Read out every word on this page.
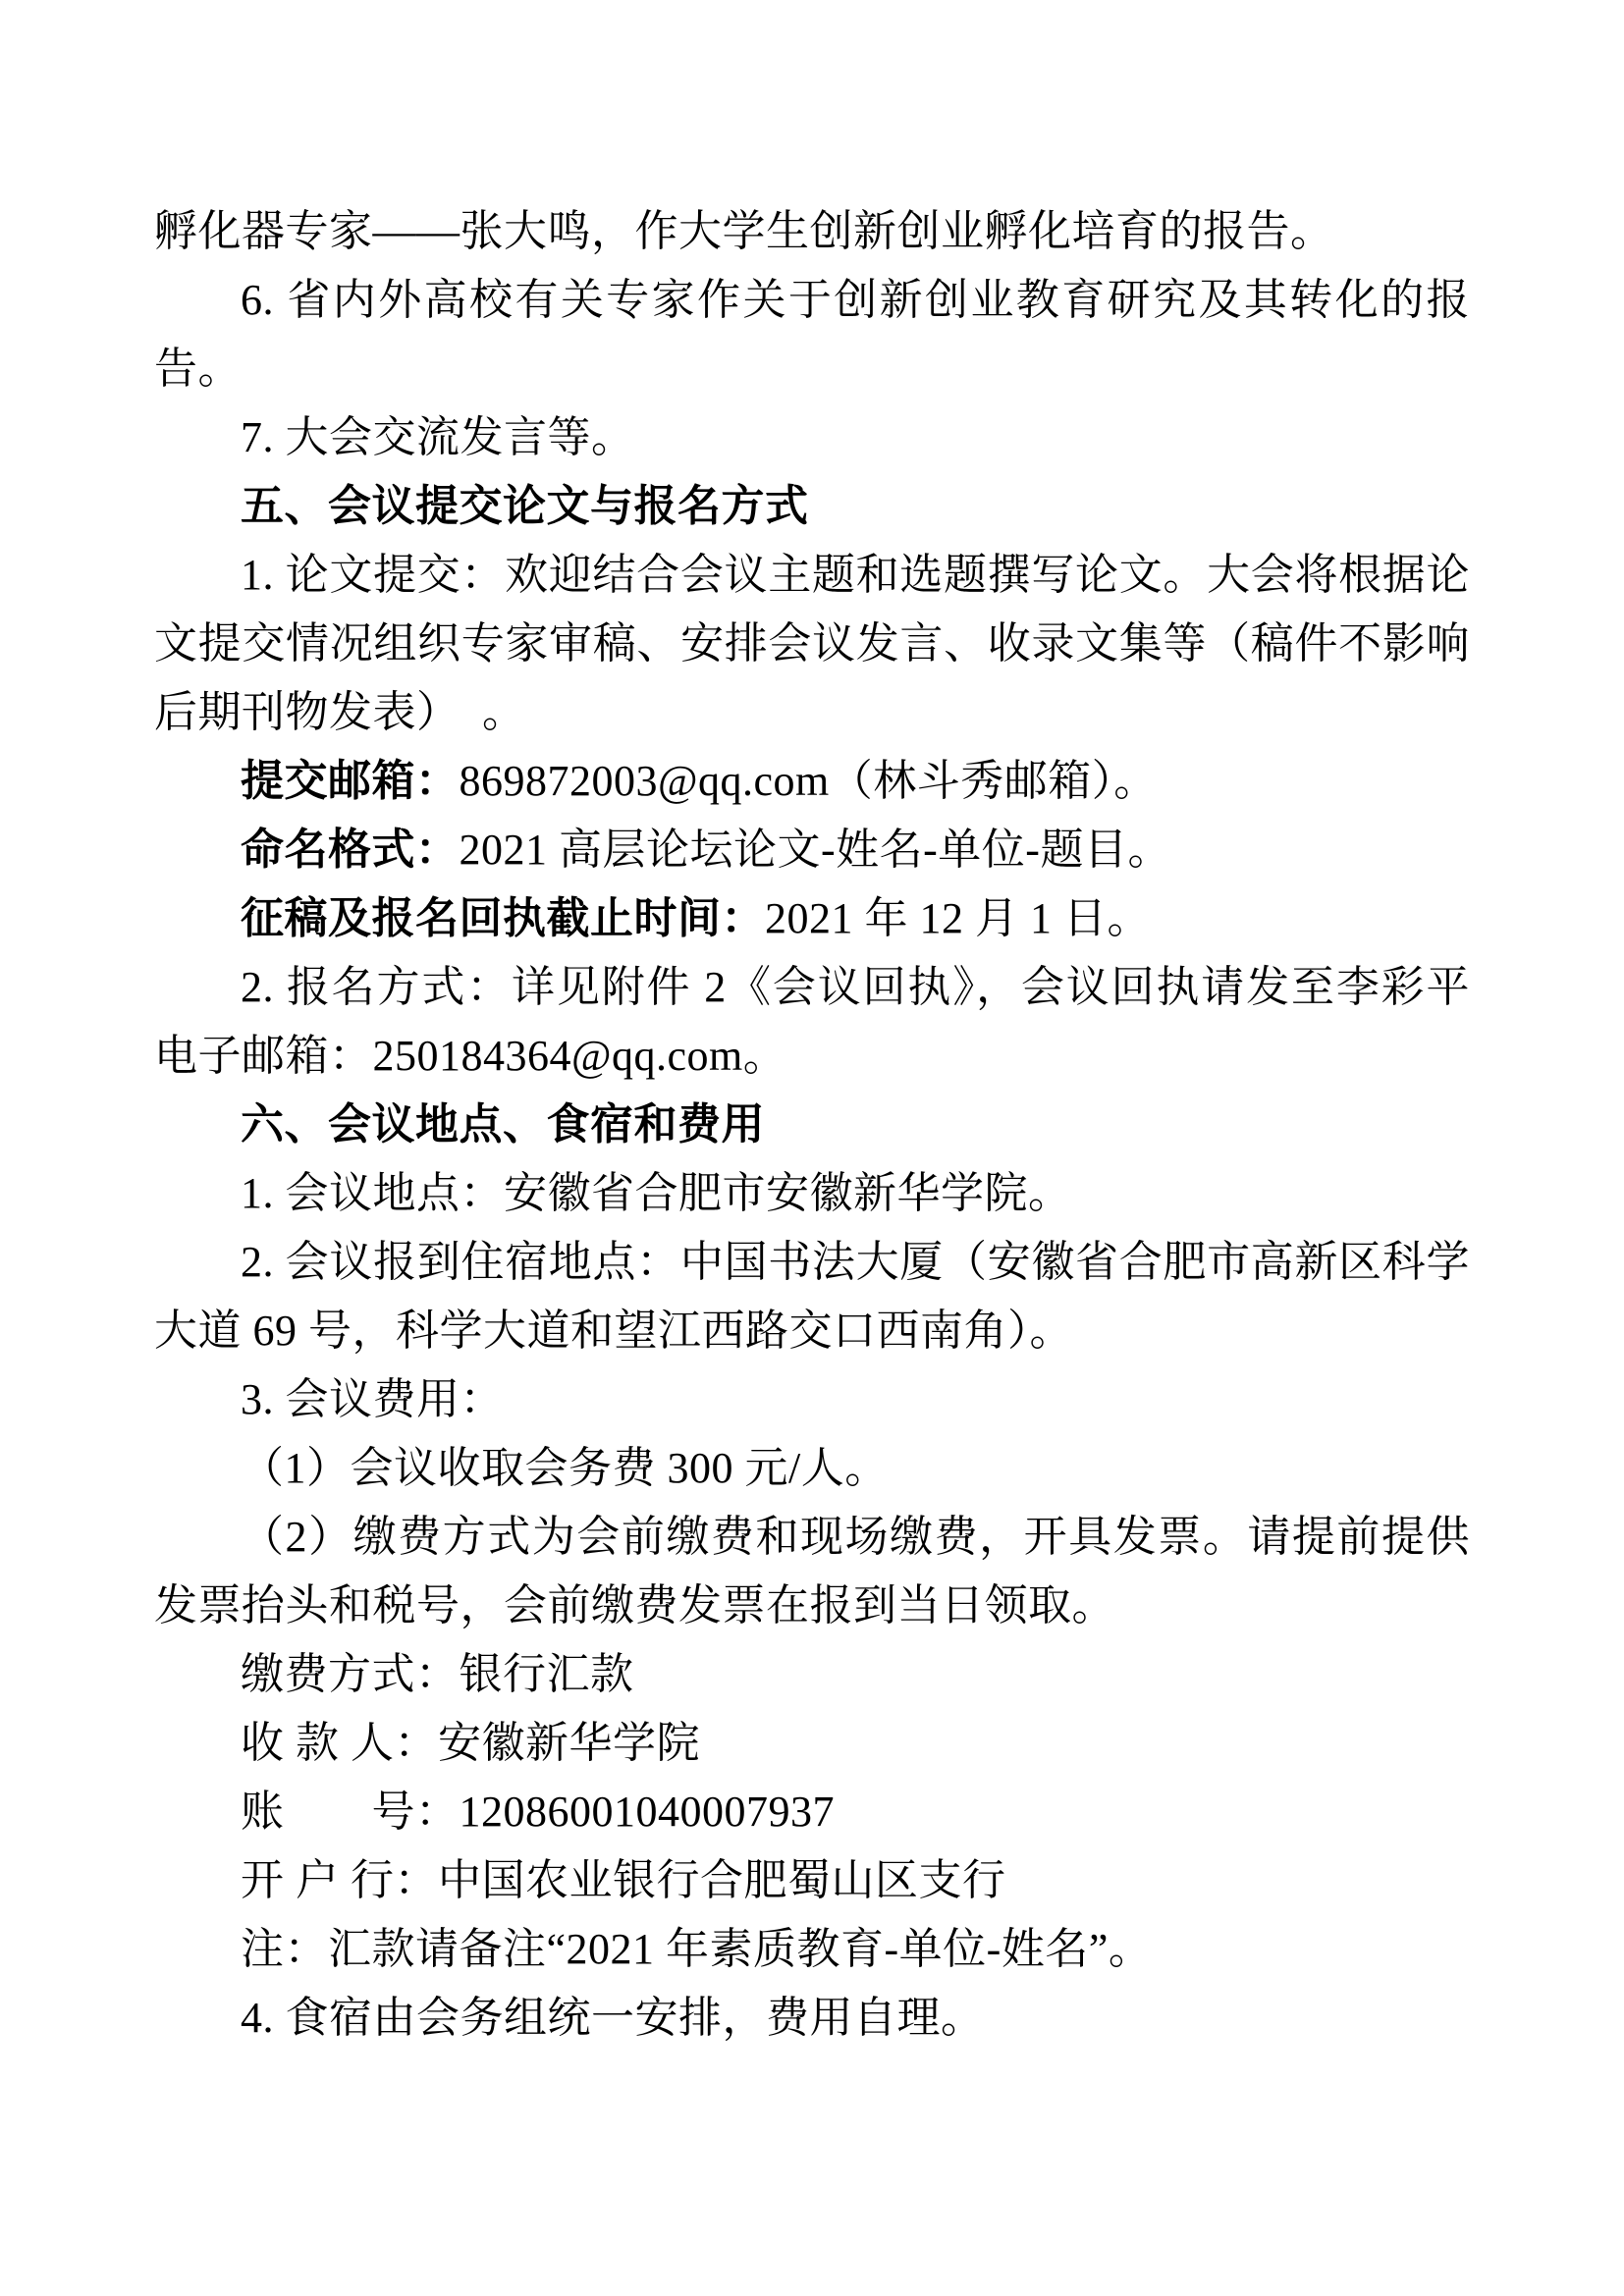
孵化器专家——张大鸣，作大学生创新创业孵化培育的报告。
6. 省内外高校有关专家作关于创新创业教育研究及其转化的报告。
7. 大会交流发言等。
五、会议提交论文与报名方式
1. 论文提交：欢迎结合会议主题和选题撰写论文。大会将根据论文提交情况组织专家审稿、安排会议发言、收录文集等（稿件不影响后期刊物发表）　。
提交邮箱：869872003@qq.com（林斗秀邮箱）。
命名格式：2021 高层论坛论文-姓名-单位-题目。
征稿及报名回执截止时间：2021 年 12 月 1 日。
2. 报名方式：详见附件 2《会议回执》，会议回执请发至李彩平电子邮箱：250184364@qq.com。
六、会议地点、食宿和费用
1. 会议地点：安徽省合肥市安徽新华学院。
2. 会议报到住宿地点：中国书法大厦（安徽省合肥市高新区科学大道 69 号，科学大道和望江西路交口西南角）。
3. 会议费用：
（1）会议收取会务费 300 元/人。
（2）缴费方式为会前缴费和现场缴费，开具发票。请提前提供发票抬头和税号，会前缴费发票在报到当日领取。
缴费方式：银行汇款
收 款 人：安徽新华学院
账　　号：12086001040007937
开 户 行：中国农业银行合肥蜀山区支行
注：汇款请备注“2021 年素质教育-单位-姓名”。
4. 食宿由会务组统一安排，费用自理。
